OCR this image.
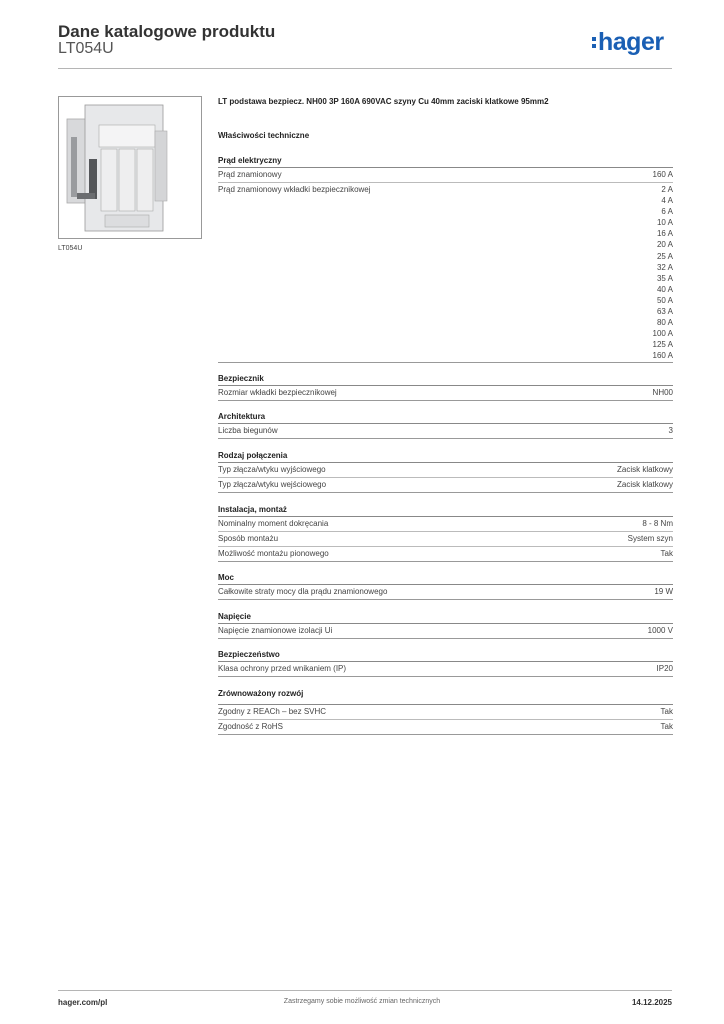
Dane katalogowe produktu
LT054U	hager
LT054U
LT podstawa bezpiecz. NH00 3P 160A 690VAC szyny Cu 40mm zaciski klatkowe 95mm2
Właściwości techniczne
Prąd elektryczny
Prąd znamionowy	160 A
Prąd znamionowy wkładki bezpiecznikowej	2 A
4 A
6 A
10 A
16 A
20 A
25 A
32 A
35 A
40 A
50 A
63 A
80 A
100 A
125 A
160 A
Bezpiecznik
Rozmiar wkładki bezpiecznikowej	NH00
Architektura
Liczba biegunów	3
Rodzaj połączenia
Typ złącza/wtyku wyjściowego	Zacisk klatkowy
Typ złącza/wtyku wejściowego	Zacisk klatkowy
Instalacja, montaż
Nominalny moment dokręcania	8 - 8 Nm
Sposób montażu	System szyn
Możliwość montażu pionowego	Tak
Moc
Całkowite straty mocy dla prądu znamionowego	19 W
Napięcie
Napięcie znamionowe izolacji Ui	1000 V
Bezpieczeństwo
Klasa ochrony przed wnikaniem (IP)	IP20
Zrównoważony rozwój
Zgodny z REACh – bez SVHC	Tak
Zgodność z RoHS	Tak
hager.com/pl	Zastrzegamy sobie możliwość zmian technicznych	14.12.2025
